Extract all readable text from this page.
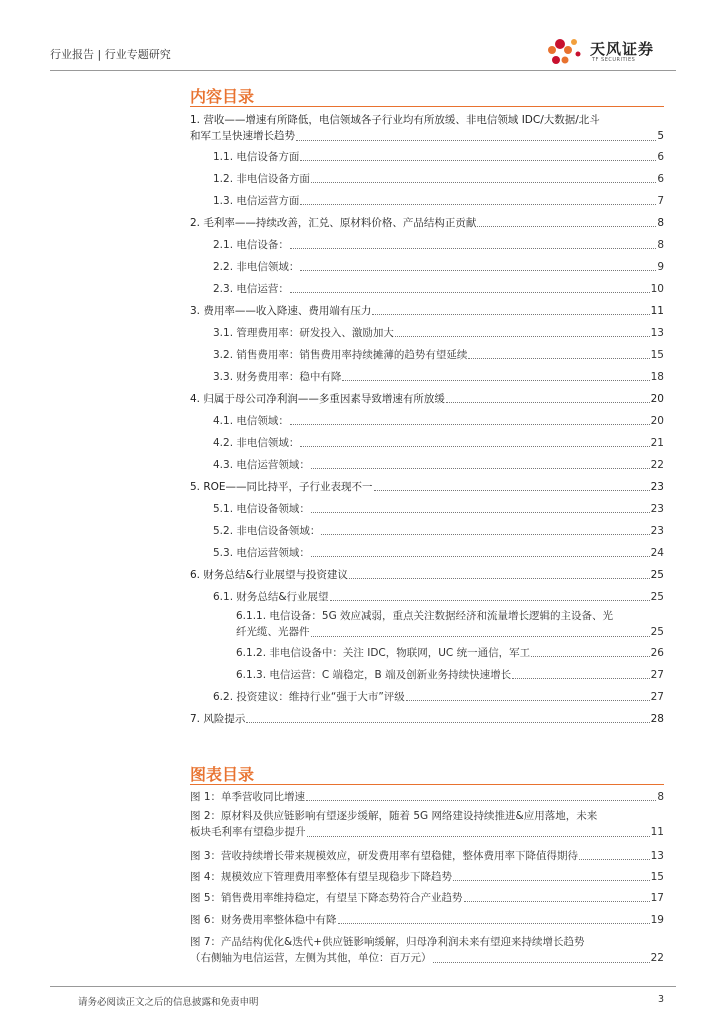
行业报告 | 行业专题研究	天风证券
TF SECURITIES
内容目录
1. 营收——增速有所降低，电信领域各子行业均有所放缓、非电信领域 IDC/大数据/北斗
和军工呈快速增长趋势	5
1.1. 电信设备方面	6
1.2. 非电信设备方面	6
1.3. 电信运营方面	7
2. 毛利率——持续改善，汇兑、原材料价格、产品结构正贡献	8
2.1. 电信设备：	8
2.2. 非电信领域：	9
2.3. 电信运营：	10
3. 费用率——收入降速、费用端有压力	11
3.1. 管理费用率：研发投入、激励加大	13
3.2. 销售费用率：销售费用率持续摊薄的趋势有望延续	15
3.3. 财务费用率：稳中有降	18
4. 归属于母公司净利润——多重因素导致增速有所放缓	20
4.1. 电信领域：	20
4.2. 非电信领域：	21
4.3. 电信运营领域：	22
5. ROE——同比持平，子行业表现不一	23
5.1. 电信设备领域：	23
5.2. 非电信设备领域：	23
5.3. 电信运营领域：	24
6. 财务总结&行业展望与投资建议	25
6.1. 财务总结&行业展望	25
6.1.1. 电信设备：5G 效应减弱，重点关注数据经济和流量增长逻辑的主设备、光
纤光缆、光器件	25
6.1.2. 非电信设备中：关注 IDC，物联网，UC 统一通信，军工	26
6.1.3. 电信运营：C 端稳定，B 端及创新业务持续快速增长	27
6.2. 投资建议：维持行业“强于大市”评级	27
7. 风险提示	28
图表目录
图 1：单季营收同比增速	8
图 2：原材料及供应链影响有望逐步缓解，随着 5G 网络建设持续推进&应用落地，未来
板块毛利率有望稳步提升	11
图 3：营收持续增长带来规模效应，研发费用率有望稳健，整体费用率下降值得期待	13
图 4：规模效应下管理费用率整体有望呈现稳步下降趋势	15
图 5：销售费用率维持稳定，有望呈下降态势符合产业趋势	17
图 6：财务费用率整体稳中有降	19
图 7：产品结构优化&迭代+供应链影响缓解，归母净利润未来有望迎来持续增长趋势
（右侧轴为电信运营，左侧为其他，单位：百万元）	22
请务必阅读正文之后的信息披露和免责申明	3
